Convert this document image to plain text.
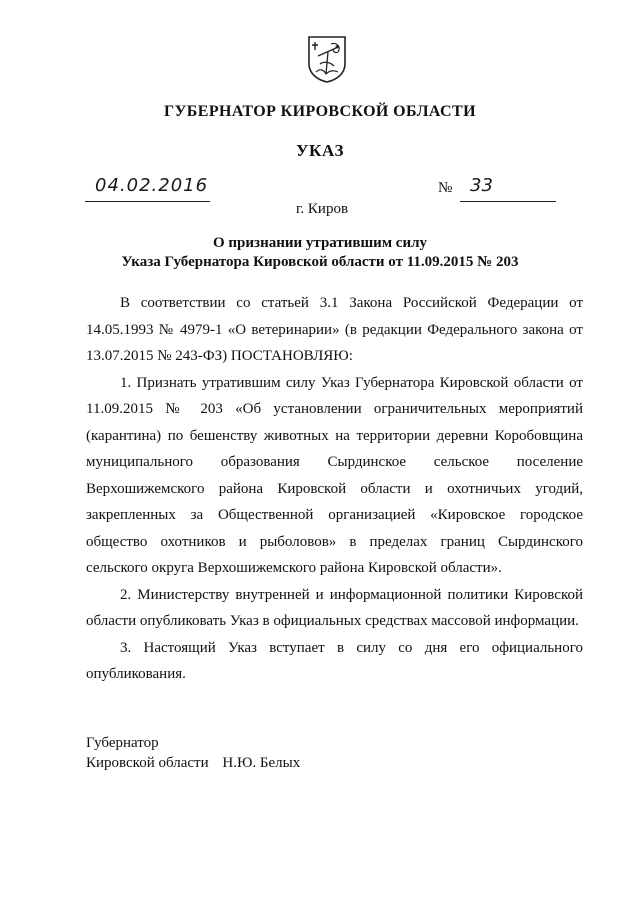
ГУБЕРНАТОР КИРОВСКОЙ ОБЛАСТИ
УКАЗ
04.02.2016	№ 33
г. Киров
О признании утратившим силу
Указа Губернатора Кировской области от 11.09.2015 № 203

В соответствии со статьей 3.1 Закона Российской Федерации от 14.05.1993 № 4979-1 «О ветеринарии» (в редакции Федерального закона от 13.07.2015 № 243-ФЗ) ПОСТАНОВЛЯЮ:

1. Признать утратившим силу Указ Губернатора Кировской области от 11.09.2015 № 203 «Об установлении ограничительных мероприятий (карантина) по бешенству животных на территории деревни Коробовщина муниципального образования Сырдинское сельское поселение Верхошижемского района Кировской области и охотничьих угодий, закрепленных за Общественной организацией «Кировское городское общество охотников и рыболовов» в пределах границ Сырдинского сельского округа Верхошижемского района Кировской области».

2. Министерству внутренней и информационной политики Кировской области опубликовать Указ в официальных средствах массовой информации.

3. Настоящий Указ вступает в силу со дня его официального опубликования.

Губернатор
Кировской области Н.Ю. Белых
